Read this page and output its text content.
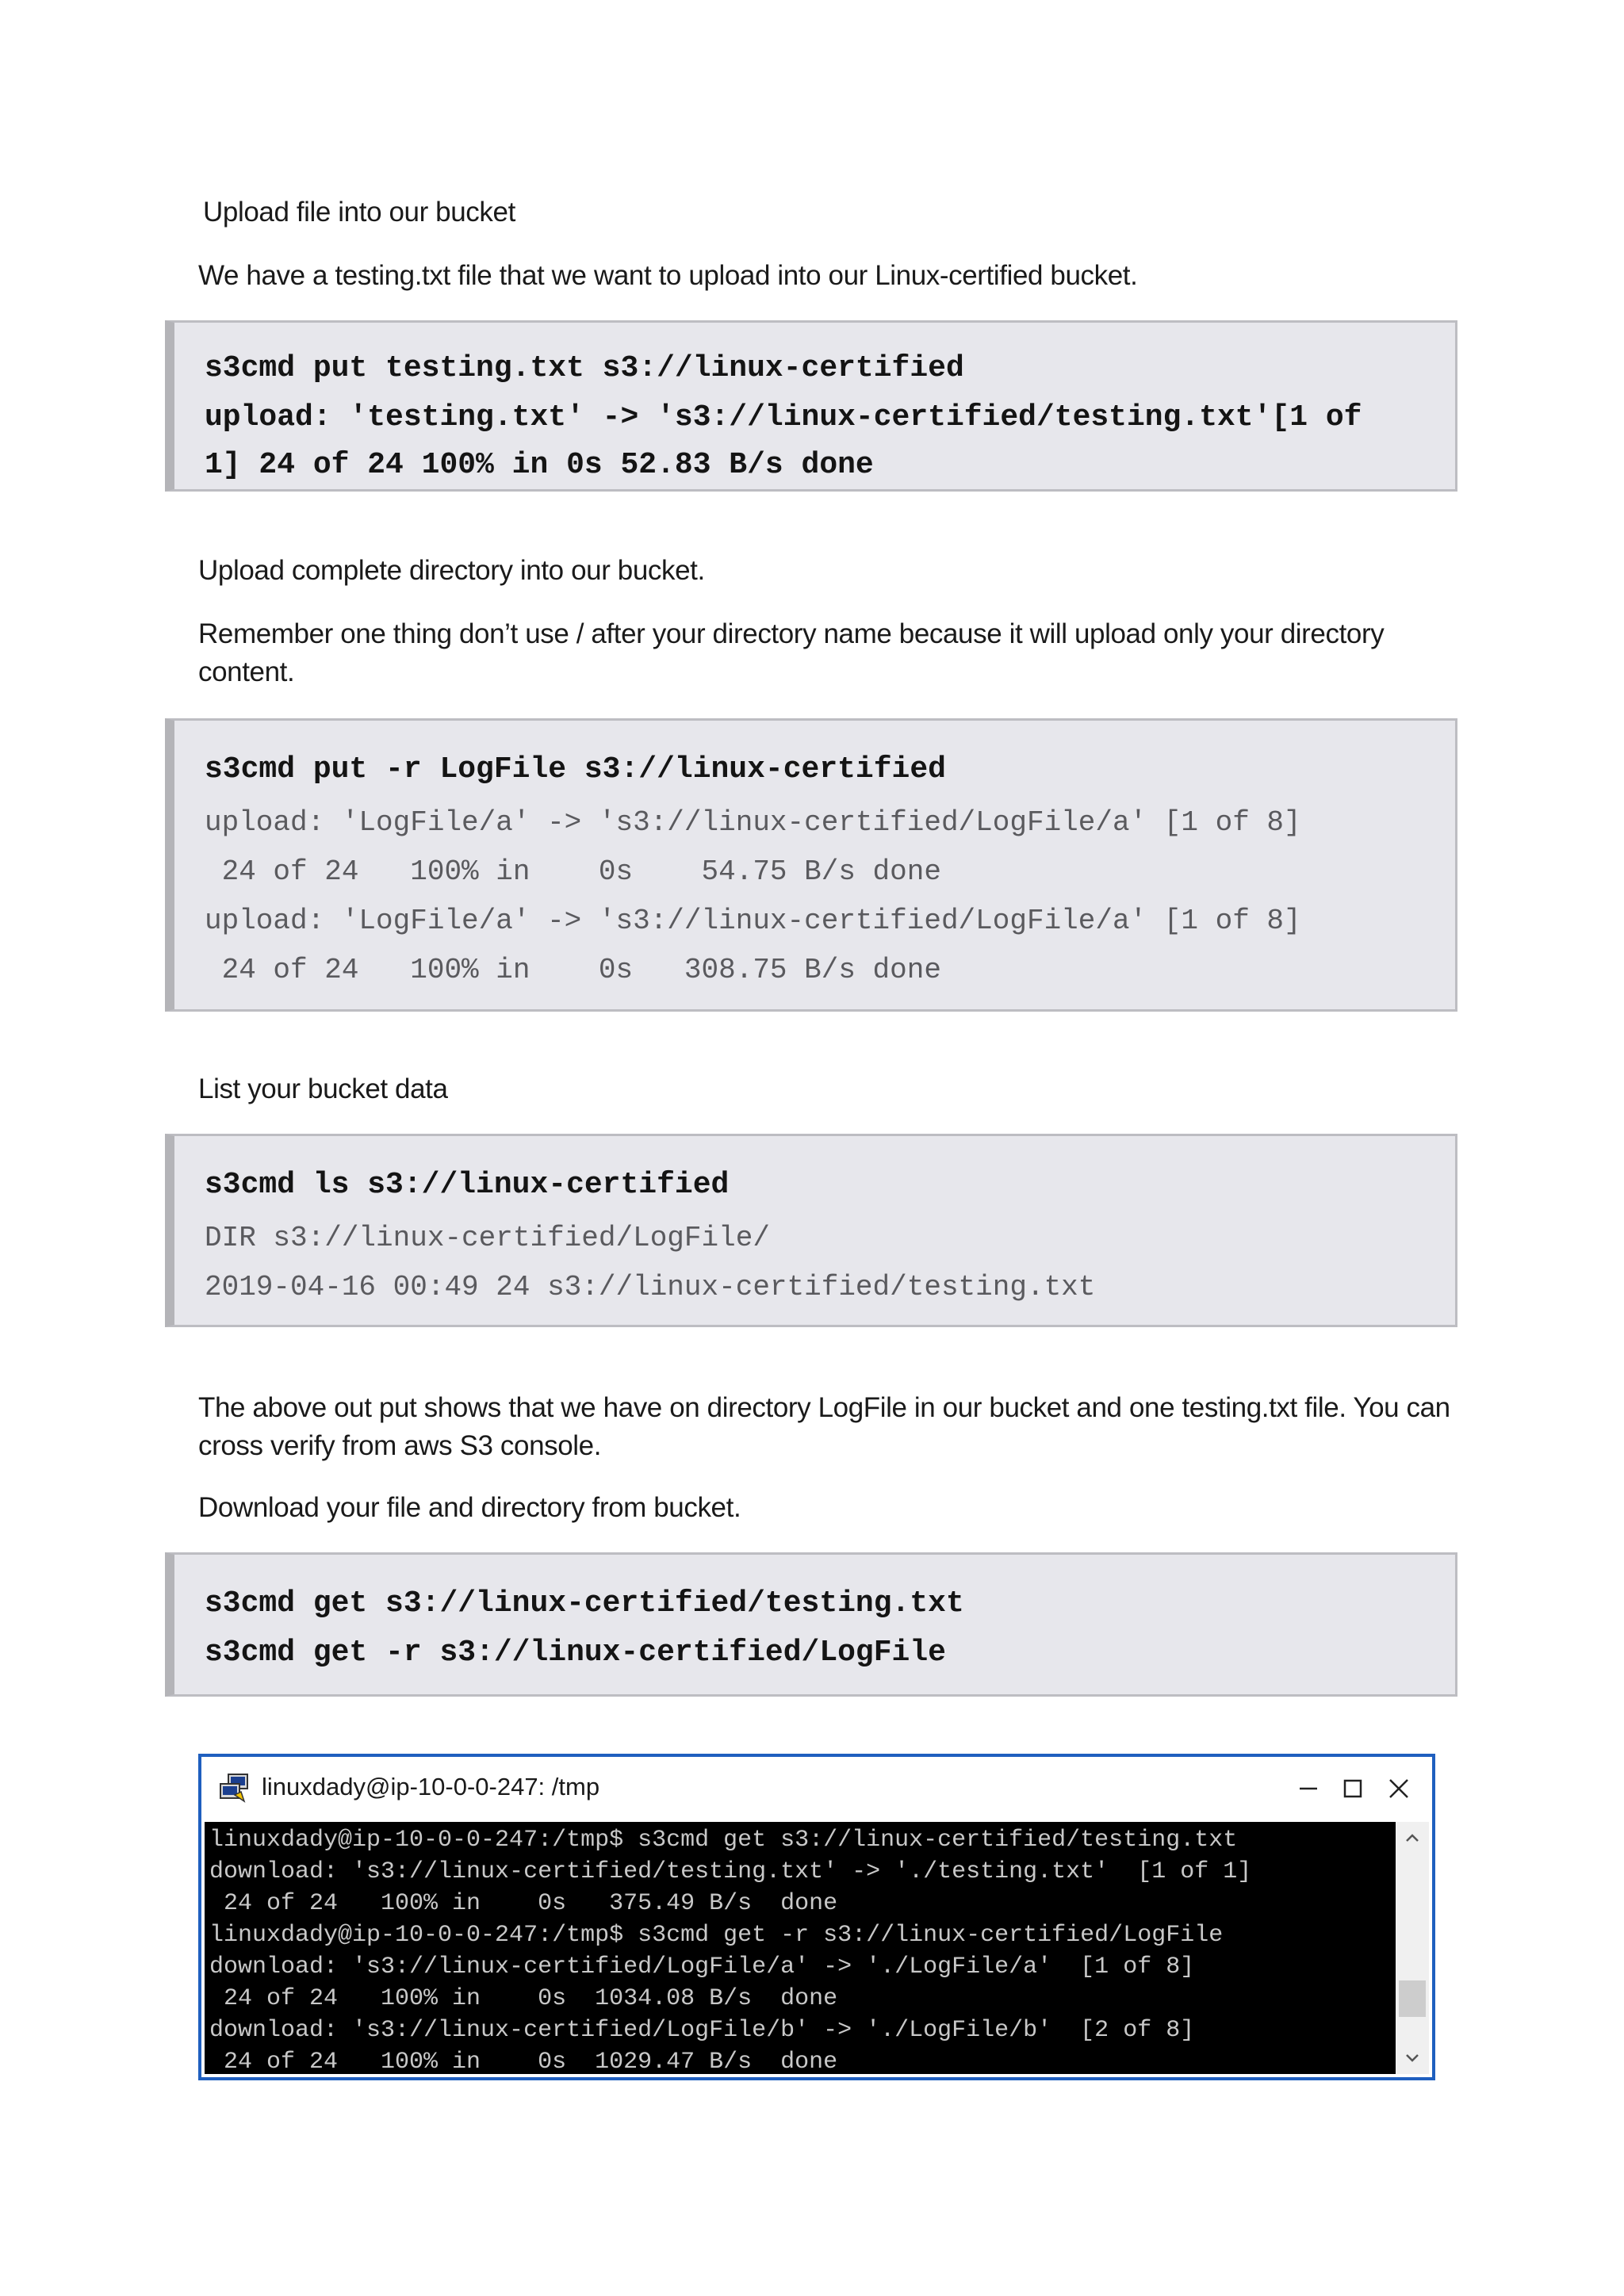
Upload file into our bucket

We have a testing.txt file that we want to upload into our Linux-certified bucket.

s3cmd put testing.txt s3://linux-certified
upload: 'testing.txt' -> 's3://linux-certified/testing.txt'[1 of
1] 24 of 24 100% in 0s 52.83 B/s done

Upload complete directory into our bucket.

Remember one thing don’t use / after your directory name because it will upload only your directory content.

s3cmd put -r LogFile s3://linux-certified
upload: 'LogFile/a' -> 's3://linux-certified/LogFile/a' [1 of 8]
24 of 24   100% in    0s    54.75 B/s done
upload: 'LogFile/a' -> 's3://linux-certified/LogFile/a' [1 of 8]
24 of 24   100% in    0s   308.75 B/s done

List your bucket data

s3cmd ls s3://linux-certified
DIR s3://linux-certified/LogFile/
2019-04-16 00:49 24 s3://linux-certified/testing.txt

The above out put shows that we have on directory LogFile in our bucket and one testing.txt file. You can cross verify from aws S3 console.

Download your file and directory from bucket.

s3cmd get s3://linux-certified/testing.txt
s3cmd get -r s3://linux-certified/LogFile
linuxdady@ip-10-0-0-247: /tmp
linuxdady@ip-10-0-0-247:/tmp$ s3cmd get s3://linux-certified/testing.txt
download: 's3://linux-certified/testing.txt' -> './testing.txt'  [1 of 1]
24 of 24   100% in    0s   375.49 B/s  done
linuxdady@ip-10-0-0-247:/tmp$ s3cmd get -r s3://linux-certified/LogFile
download: 's3://linux-certified/LogFile/a' -> './LogFile/a'  [1 of 8]
24 of 24   100% in    0s  1034.08 B/s  done
download: 's3://linux-certified/LogFile/b' -> './LogFile/b'  [2 of 8]
24 of 24   100% in    0s  1029.47 B/s  done
